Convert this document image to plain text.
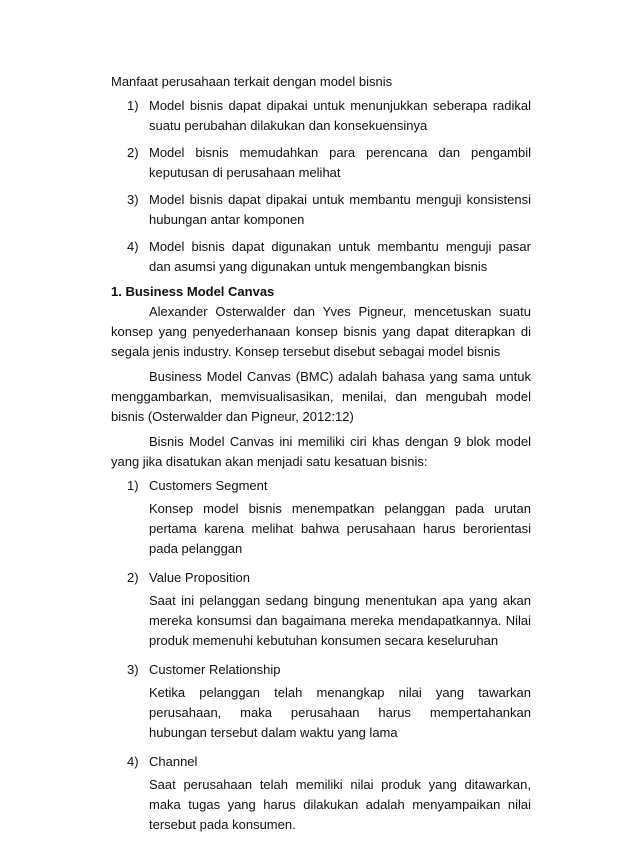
Manfaat perusahaan terkait dengan model bisnis

1) Model bisnis dapat dipakai untuk menunjukkan seberapa radikal suatu perubahan dilakukan dan konsekuensinya
2) Model bisnis memudahkan para perencana dan pengambil keputusan di perusahaan melihat
3) Model bisnis dapat dipakai untuk membantu menguji konsistensi hubungan antar komponen
4) Model bisnis dapat digunakan untuk membantu menguji pasar dan asumsi yang digunakan untuk mengembangkan bisnis
1. Business Model Canvas

Alexander Osterwalder dan Yves Pigneur, mencetuskan suatu konsep yang penyederhanaan konsep bisnis yang dapat diterapkan di segala jenis industry. Konsep tersebut disebut sebagai model bisnis

Business Model Canvas (BMC) adalah bahasa yang sama untuk menggambarkan, memvisualisasikan, menilai, dan mengubah model bisnis (Osterwalder dan Pigneur, 2012:12)

Bisnis Model Canvas ini memiliki ciri khas dengan 9 blok model yang jika disatukan akan menjadi satu kesatuan bisnis:

1) Customers Segment
Konsep model bisnis menempatkan pelanggan pada urutan pertama karena melihat bahwa perusahaan harus berorientasi pada pelanggan
2) Value Proposition
Saat ini pelanggan sedang bingung menentukan apa yang akan mereka konsumsi dan bagaimana mereka mendapatkannya. Nilai produk memenuhi kebutuhan konsumen secara keseluruhan
3) Customer Relationship
Ketika pelanggan telah menangkap nilai yang tawarkan perusahaan, maka perusahaan harus mempertahankan hubungan tersebut dalam waktu yang lama
4) Channel
Saat perusahaan telah memiliki nilai produk yang ditawarkan, maka tugas yang harus dilakukan adalah menyampaikan nilai tersebut pada konsumen.
